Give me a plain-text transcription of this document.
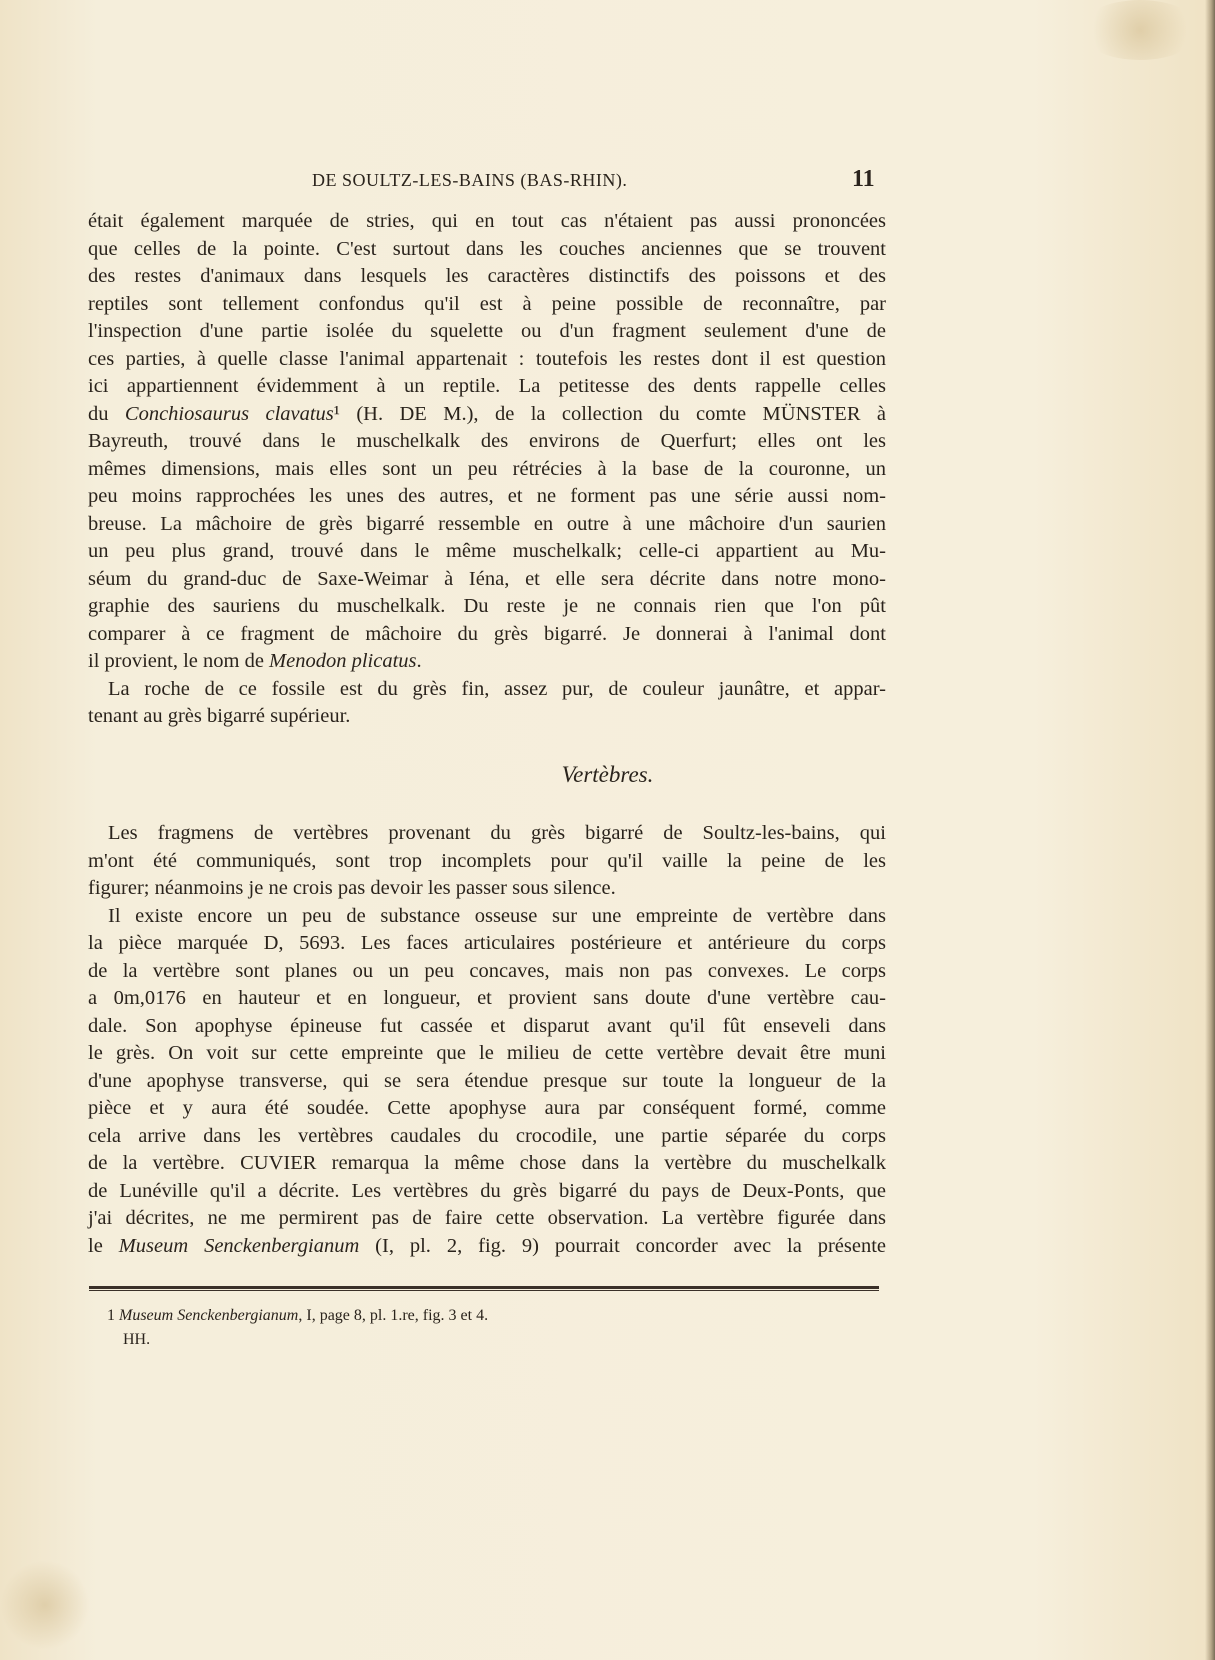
DE SOULTZ-LES-BAINS (BAS-RHIN).	11
était également marquée de stries, qui en tout cas n'étaient pas aussi prononcées
que celles de la pointe. C'est surtout dans les couches anciennes que se trouvent
des restes d'animaux dans lesquels les caractères distinctifs des poissons et des
reptiles sont tellement confondus qu'il est à peine possible de reconnaître, par
l'inspection d'une partie isolée du squelette ou d'un fragment seulement d'une de
ces parties, à quelle classe l'animal appartenait : toutefois les restes dont il est question
ici appartiennent évidemment à un reptile. La petitesse des dents rappelle celles
du Conchiosaurus clavatus¹ (H. DE M.), de la collection du comte MÜNSTER à
Bayreuth, trouvé dans le muschelkalk des environs de Querfurt; elles ont les
mêmes dimensions, mais elles sont un peu rétrécies à la base de la couronne, un
peu moins rapprochées les unes des autres, et ne forment pas une série aussi nom-
breuse. La mâchoire de grès bigarré ressemble en outre à une mâchoire d'un saurien
un peu plus grand, trouvé dans le même muschelkalk; celle-ci appartient au Mu-
séum du grand-duc de Saxe-Weimar à Iéna, et elle sera décrite dans notre mono-
graphie des sauriens du muschelkalk. Du reste je ne connais rien que l'on pût
comparer à ce fragment de mâchoire du grès bigarré. Je donnerai à l'animal dont
il provient, le nom de Menodon plicatus.
La roche de ce fossile est du grès fin, assez pur, de couleur jaunâtre, et appar-
tenant au grès bigarré supérieur.
Vertèbres.
Les fragmens de vertèbres provenant du grès bigarré de Soultz-les-bains, qui
m'ont été communiqués, sont trop incomplets pour qu'il vaille la peine de les
figurer; néanmoins je ne crois pas devoir les passer sous silence.
Il existe encore un peu de substance osseuse sur une empreinte de vertèbre dans
la pièce marquée D, 5693. Les faces articulaires postérieure et antérieure du corps
de la vertèbre sont planes ou un peu concaves, mais non pas convexes. Le corps
a 0m,0176 en hauteur et en longueur, et provient sans doute d'une vertèbre cau-
dale. Son apophyse épineuse fut cassée et disparut avant qu'il fût enseveli dans
le grès. On voit sur cette empreinte que le milieu de cette vertèbre devait être muni
d'une apophyse transverse, qui se sera étendue presque sur toute la longueur de la
pièce et y aura été soudée. Cette apophyse aura par conséquent formé, comme
cela arrive dans les vertèbres caudales du crocodile, une partie séparée du corps
de la vertèbre. CUVIER remarqua la même chose dans la vertèbre du muschelkalk
de Lunéville qu'il a décrite. Les vertèbres du grès bigarré du pays de Deux-Ponts, que
j'ai décrites, ne me permirent pas de faire cette observation. La vertèbre figurée dans
le Museum Senckenbergianum (I, pl. 2, fig. 9) pourrait concorder avec la présente
1 Museum Senckenbergianum, I, page 8, pl. 1.re, fig. 3 et 4.
HH.
